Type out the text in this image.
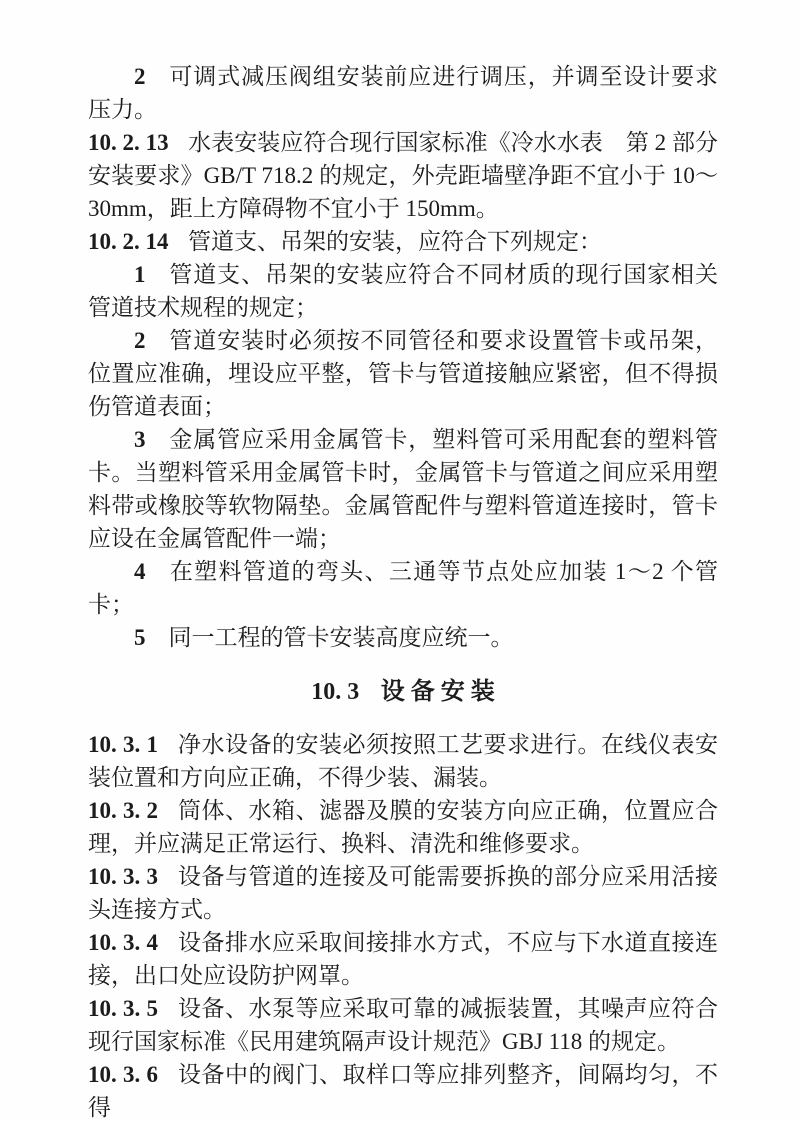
2 可调式减压阀组安装前应进行调压，并调至设计要求压力。

10. 2. 13 水表安装应符合现行国家标准《冷水水表　第 2 部分 安装要求》GB/T 718.2 的规定，外壳距墙壁净距不宜小于 10～30mm，距上方障碍物不宜小于 150mm。

10. 2. 14 管道支、吊架的安装，应符合下列规定：

1 管道支、吊架的安装应符合不同材质的现行国家相关管道技术规程的规定；

2 管道安装时必须按不同管径和要求设置管卡或吊架，位置应准确，埋设应平整，管卡与管道接触应紧密，但不得损伤管道表面；

3 金属管应采用金属管卡，塑料管可采用配套的塑料管卡。当塑料管采用金属管卡时，金属管卡与管道之间应采用塑料带或橡胶等软物隔垫。金属管配件与塑料管道连接时，管卡应设在金属管配件一端；

4 在塑料管道的弯头、三通等节点处应加装 1～2 个管卡；

5 同一工程的管卡安装高度应统一。

10. 3 设 备 安 装

10. 3. 1 净水设备的安装必须按照工艺要求进行。在线仪表安装位置和方向应正确，不得少装、漏装。

10. 3. 2 筒体、水箱、滤器及膜的安装方向应正确，位置应合理，并应满足正常运行、换料、清洗和维修要求。

10. 3. 3 设备与管道的连接及可能需要拆换的部分应采用活接头连接方式。

10. 3. 4 设备排水应采取间接排水方式，不应与下水道直接连接，出口处应设防护网罩。

10. 3. 5 设备、水泵等应采取可靠的减振装置，其噪声应符合现行国家标准《民用建筑隔声设计规范》GBJ 118 的规定。

10. 3. 6 设备中的阀门、取样口等应排列整齐，间隔均匀，不得
